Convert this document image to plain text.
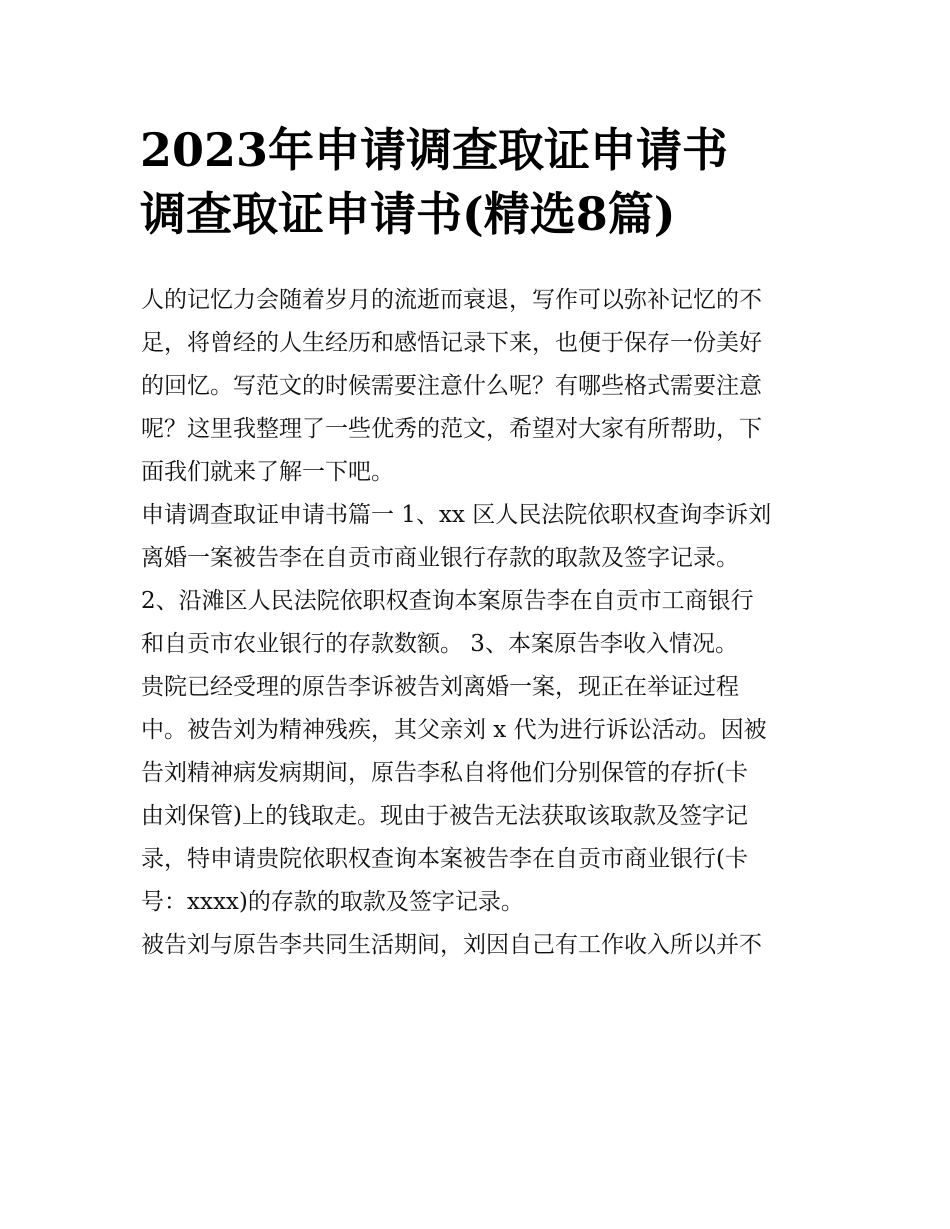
2023年申请调查取证申请书
调查取证申请书(精选8篇)

人的记忆力会随着岁月的流逝而衰退，写作可以弥补记忆的不
足，将曾经的人生经历和感悟记录下来，也便于保存一份美好
的回忆。写范文的时候需要注意什么呢？有哪些格式需要注意
呢？这里我整理了一些优秀的范文，希望对大家有所帮助，下
面我们就来了解一下吧。

申请调查取证申请书篇一 1、xx 区人民法院依职权查询李诉刘
离婚一案被告李在自贡市商业银行存款的取款及签字记录。

2、沿滩区人民法院依职权查询本案原告李在自贡市工商银行
和自贡市农业银行的存款数额。 3、本案原告李收入情况。

贵院已经受理的原告李诉被告刘离婚一案，现正在举证过程
中。被告刘为精神残疾，其父亲刘 x 代为进行诉讼活动。因被
告刘精神病发病期间，原告李私自将他们分别保管的存折(卡
由刘保管)上的钱取走。现由于被告无法获取该取款及签字记
录，特申请贵院依职权查询本案被告李在自贡市商业银行(卡
号：xxxx)的存款的取款及签字记录。

被告刘与原告李共同生活期间，刘因自己有工作收入所以并不
